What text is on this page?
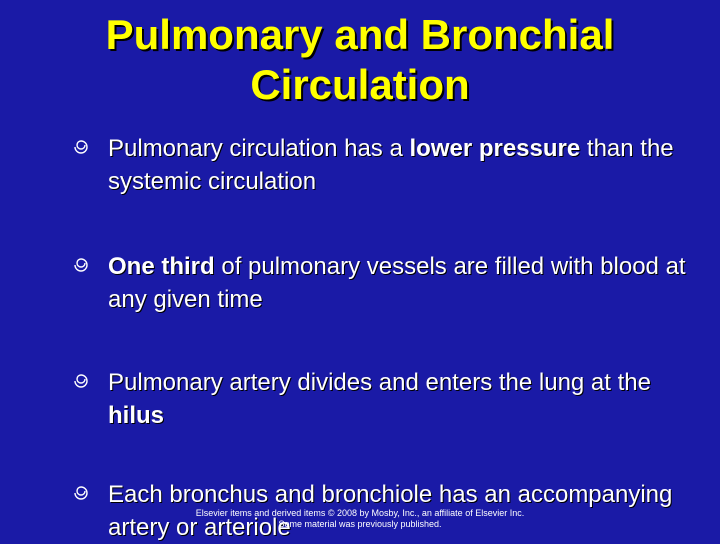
Pulmonary and Bronchial
Circulation
Pulmonary circulation has a lower pressure than the systemic circulation
One third of pulmonary vessels are filled with blood at any given time
Pulmonary artery divides and enters the lung at the hilus
Each bronchus and bronchiole has an accompanying artery or arteriole
Elsevier items and derived items © 2008 by Mosby, Inc., an affiliate of Elsevier Inc.
Some material was previously published.
